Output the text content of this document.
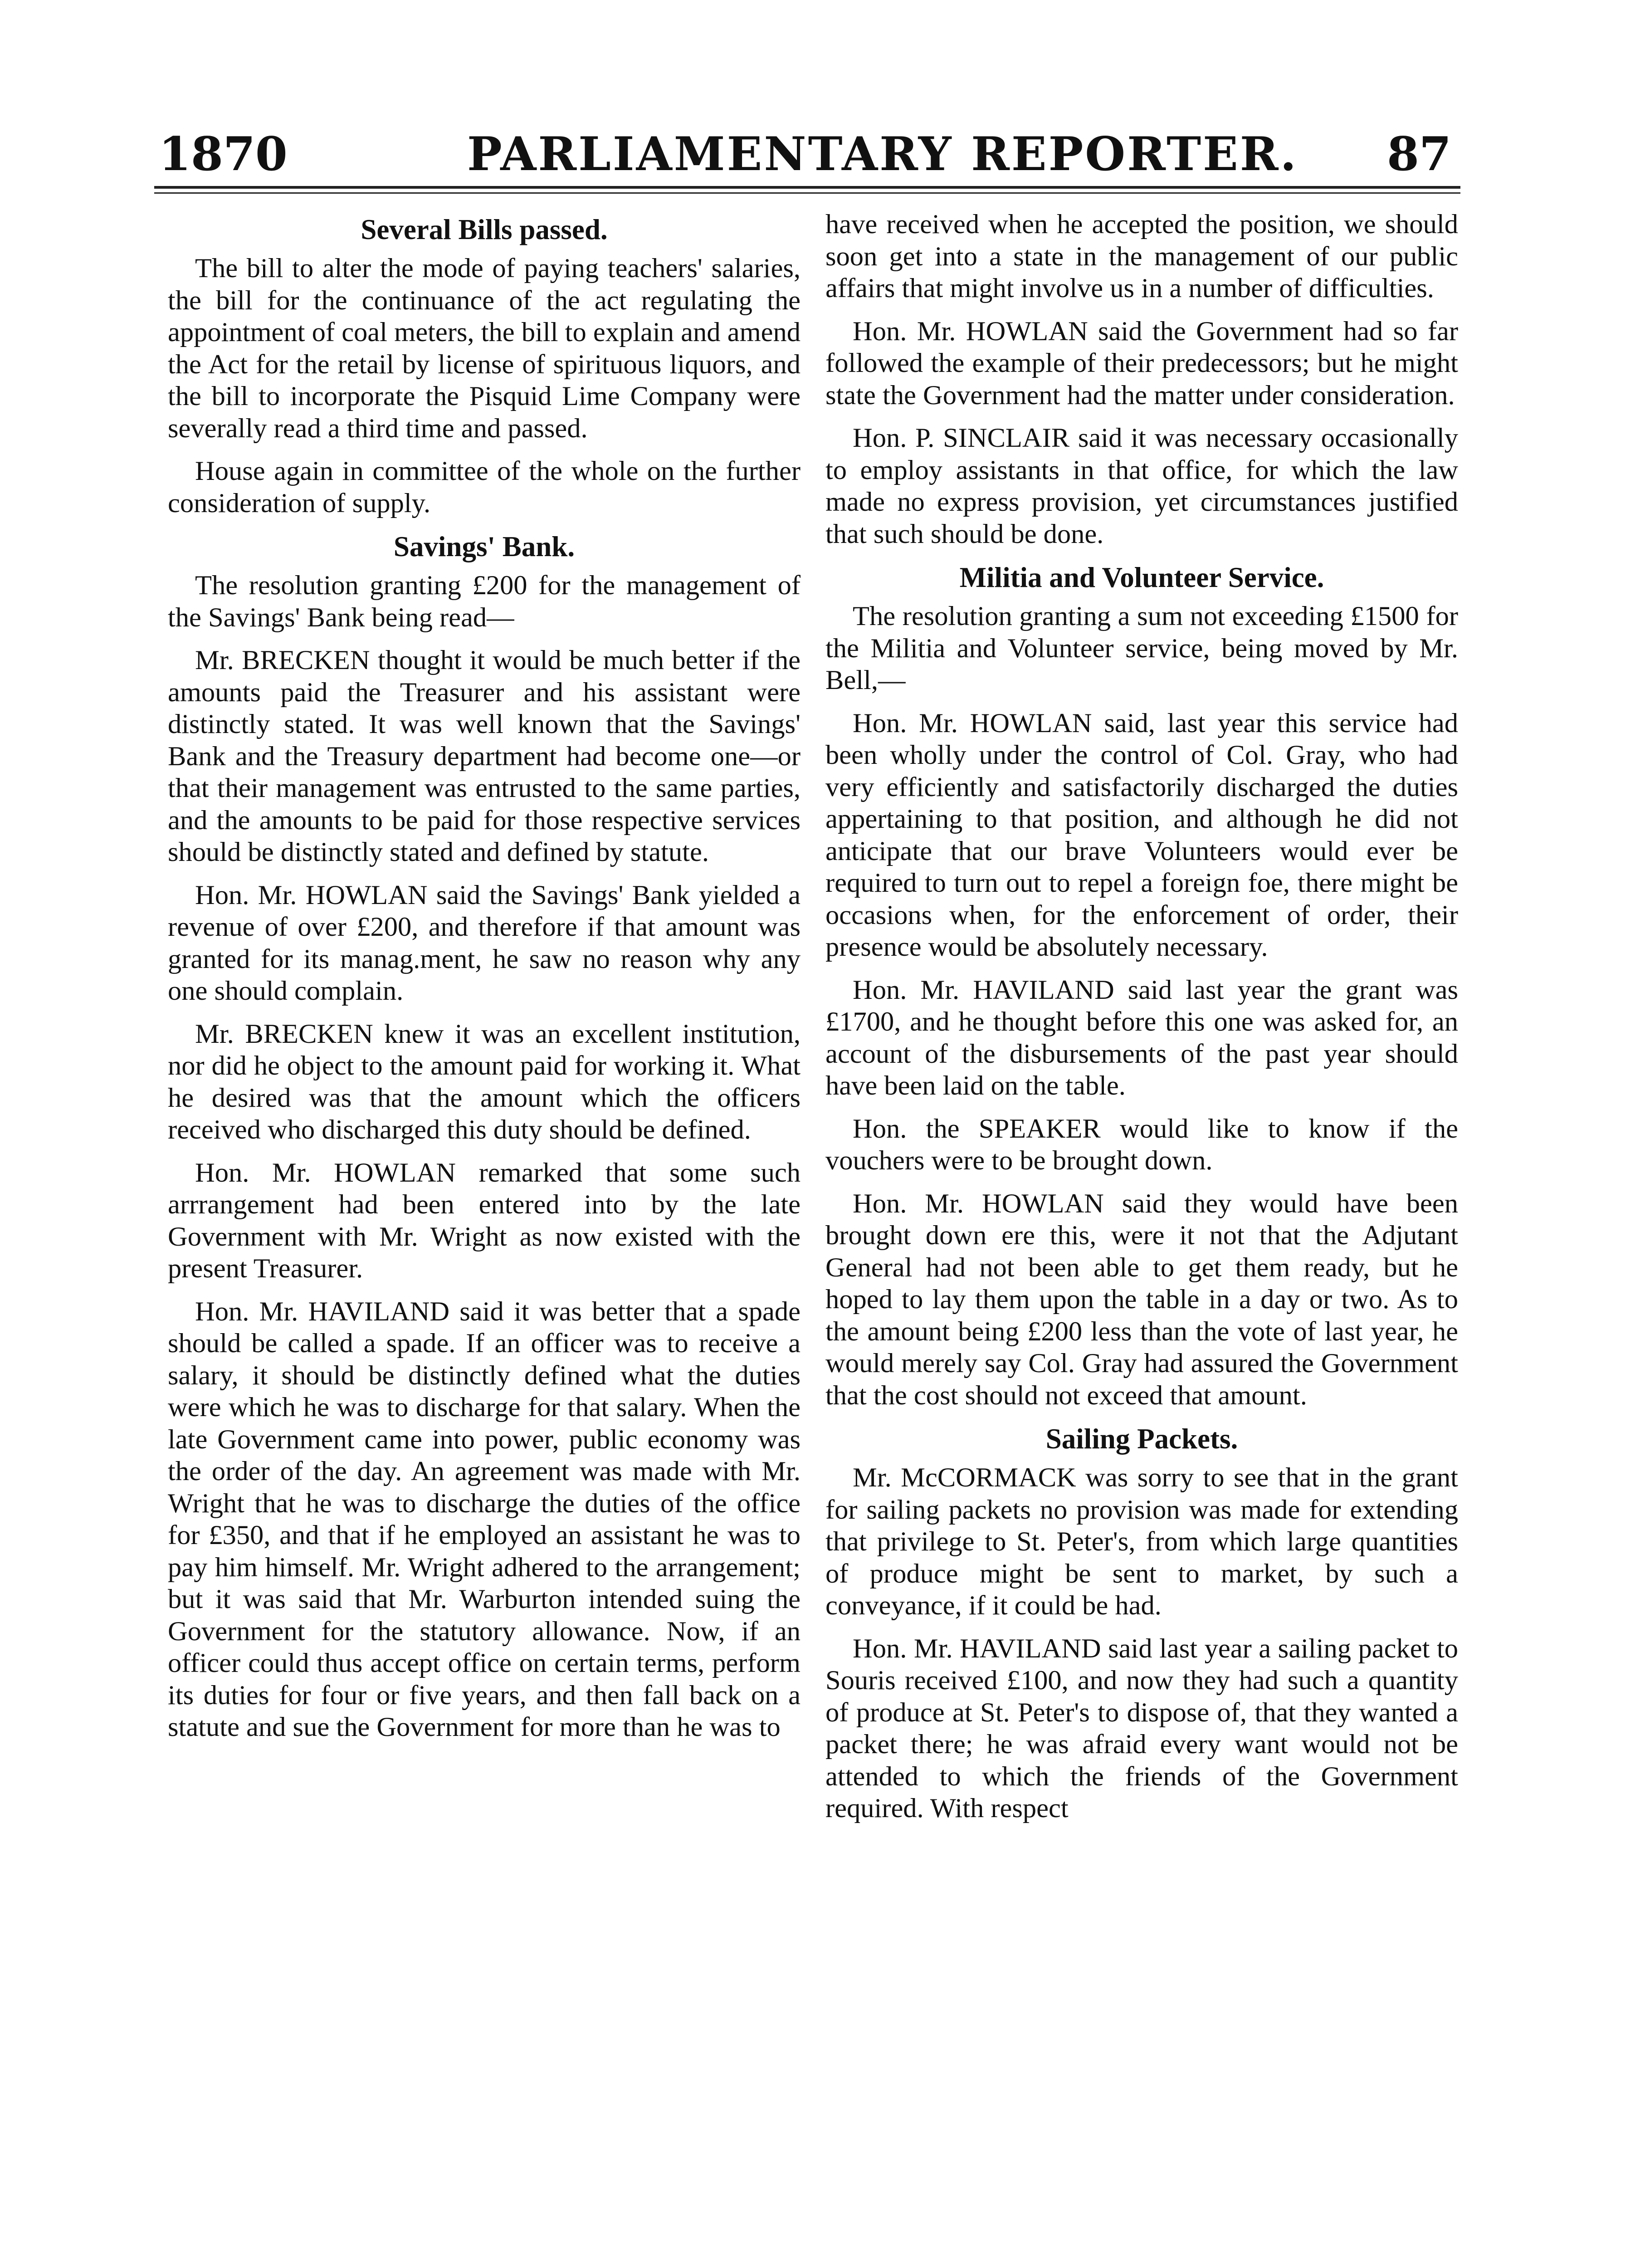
1870	PARLIAMENTARY REPORTER. 87
Several Bills passed.

The bill to alter the mode of paying teachers' salaries, the bill for the continuance of the act regulating the appointment of coal meters, the bill to explain and amend the Act for the retail by license of spirituous liquors, and the bill to incorporate the Pisquid Lime Company were severally read a third time and passed.

House again in committee of the whole on the further consideration of supply.

Savings' Bank.

The resolution granting £200 for the management of the Savings' Bank being read—

Mr. BRECKEN thought it would be much better if the amounts paid the Treasurer and his assistant were distinctly stated. It was well known that the Savings' Bank and the Treasury department had become one—or that their management was entrusted to the same parties, and the amounts to be paid for those respective services should be distinctly stated and defined by statute.

Hon. Mr. HOWLAN said the Savings' Bank yielded a revenue of over £200, and therefore if that amount was granted for its manag.ment, he saw no reason why any one should complain.

Mr. BRECKEN knew it was an excellent institution, nor did he object to the amount paid for working it. What he desired was that the amount which the officers received who discharged this duty should be defined.

Hon. Mr. HOWLAN remarked that some such arrrangement had been entered into by the late Government with Mr. Wright as now existed with the present Treasurer.

Hon. Mr. HAVILAND said it was better that a spade should be called a spade. If an officer was to receive a salary, it should be distinctly defined what the duties were which he was to discharge for that salary. When the late Government came into power, public economy was the order of the day. An agreement was made with Mr. Wright that he was to discharge the duties of the office for £350, and that if he employed an assistant he was to pay him himself. Mr. Wright adhered to the arrangement; but it was said that Mr. Warburton intended suing the Government for the statutory allowance. Now, if an officer could thus accept office on certain terms, perform its duties for four or five years, and then fall back on a statute and sue the Government for more than he was to

have received when he accepted the position, we should soon get into a state in the management of our public affairs that might involve us in a number of difficulties.

Hon. Mr. HOWLAN said the Government had so far followed the example of their predecessors; but he might state the Government had the matter under consideration.

Hon. P. SINCLAIR said it was necessary occasionally to employ assistants in that office, for which the law made no express provision, yet circumstances justified that such should be done.

Militia and Volunteer Service.

The resolution granting a sum not exceeding £1500 for the Militia and Volunteer service, being moved by Mr. Bell,—

Hon. Mr. HOWLAN said, last year this service had been wholly under the control of Col. Gray, who had very efficiently and satisfactorily discharged the duties appertaining to that position, and although he did not anticipate that our brave Volunteers would ever be required to turn out to repel a foreign foe, there might be occasions when, for the enforcement of order, their presence would be absolutely necessary.

Hon. Mr. HAVILAND said last year the grant was £1700, and he thought before this one was asked for, an account of the disbursements of the past year should have been laid on the table.

Hon. the SPEAKER would like to know if the vouchers were to be brought down.

Hon. Mr. HOWLAN said they would have been brought down ere this, were it not that the Adjutant General had not been able to get them ready, but he hoped to lay them upon the table in a day or two. As to the amount being £200 less than the vote of last year, he would merely say Col. Gray had assured the Government that the cost should not exceed that amount.

Sailing Packets.

Mr. McCORMACK was sorry to see that in the grant for sailing packets no provision was made for extending that privilege to St. Peter's, from which large quantities of produce might be sent to market, by such a conveyance, if it could be had.

Hon. Mr. HAVILAND said last year a sailing packet to Souris received £100, and now they had such a quantity of produce at St. Peter's to dispose of, that they wanted a packet there; he was afraid every want would not be attended to which the friends of the Government required. With respect
